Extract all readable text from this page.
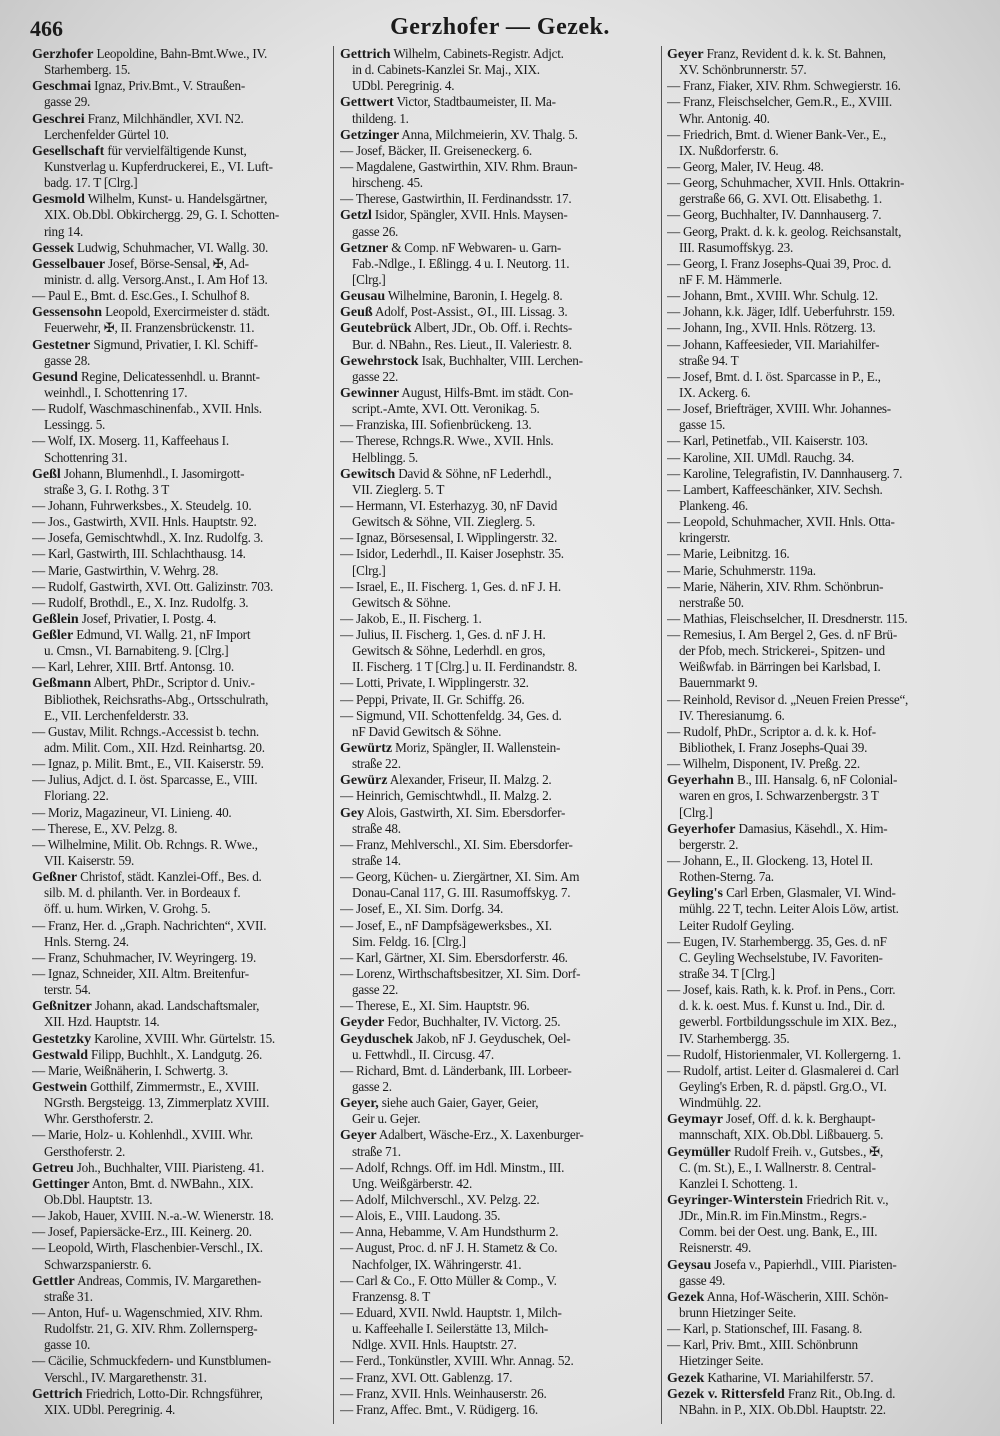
466	Gerzhofer — Gezek.
Gerzhofer Leopoldine, Bahn-Bmt.Wwe., IV.
Starhemberg. 15.
Geschmai Ignaz, Priv.Bmt., V. Straußen-
gasse 29.
Geschrei Franz, Milchhändler, XVI. N2.
Lerchenfelder Gürtel 10.
Gesellschaft für vervielfältigende Kunst,
Kunstverlag u. Kupferdruckerei, E., VI. Luft-
badg. 17. T [Clrg.]
Gesmold Wilhelm, Kunst- u. Handelsgärtner,
XIX. Ob.Dbl. Obkirchergg. 29, G. I. Schotten-
ring 14.
Gessek Ludwig, Schuhmacher, VI. Wallg. 30.
Gesselbauer Josef, Börse-Sensal, ✠, Ad-
ministr. d. allg. Versorg.Anst., I. Am Hof 13.
— Paul E., Bmt. d. Esc.Ges., I. Schulhof 8.
Gessensohn Leopold, Exercirmeister d. städt.
Feuerwehr, ✠, II. Franzensbrückenstr. 11.
Gestetner Sigmund, Privatier, I. Kl. Schiff-
gasse 28.
Gesund Regine, Delicatessenhdl. u. Brannt-
weinhdl., I. Schottenring 17.
— Rudolf, Waschmaschinenfab., XVII. Hnls.
Lessingg. 5.
— Wolf, IX. Moserg. 11, Kaffeehaus I.
Schottenring 31.
Geßl Johann, Blumenhdl., I. Jasomirgott-
straße 3, G. I. Rothg. 3 T
— Johann, Fuhrwerksbes., X. Steudelg. 10.
— Jos., Gastwirth, XVII. Hnls. Hauptstr. 92.
— Josefa, Gemischtwhdl., X. Inz. Rudolfg. 3.
— Karl, Gastwirth, III. Schlachthausg. 14.
— Marie, Gastwirthin, V. Wehrg. 28.
— Rudolf, Gastwirth, XVI. Ott. Galizinstr. 703.
— Rudolf, Brothdl., E., X. Inz. Rudolfg. 3.
Geßlein Josef, Privatier, I. Postg. 4.
Geßler Edmund, VI. Wallg. 21, nF Import
u. Cmsn., VI. Barnabiteng. 9. [Clrg.]
— Karl, Lehrer, XIII. Brtf. Antonsg. 10.
Geßmann Albert, PhDr., Scriptor d. Univ.-
Bibliothek, Reichsraths-Abg., Ortsschulrath,
E., VII. Lerchenfelderstr. 33.
— Gustav, Milit. Rchngs.-Accessist b. techn.
adm. Milit. Com., XII. Hzd. Reinhartsg. 20.
— Ignaz, p. Milit. Bmt., E., VII. Kaiserstr. 59.
— Julius, Adjct. d. I. öst. Sparcasse, E., VIII.
Floriang. 22.
— Moriz, Magazineur, VI. Linieng. 40.
— Therese, E., XV. Pelzg. 8.
— Wilhelmine, Milit. Ob. Rchngs. R. Wwe.,
VII. Kaiserstr. 59.
Geßner Christof, städt. Kanzlei-Off., Bes. d.
silb. M. d. philanth. Ver. in Bordeaux f.
öff. u. hum. Wirken, V. Grohg. 5.
— Franz, Her. d. „Graph. Nachrichten“, XVII.
Hnls. Sterng. 24.
— Franz, Schuhmacher, IV. Weyringerg. 19.
— Ignaz, Schneider, XII. Altm. Breitenfur-
terstr. 54.
Geßnitzer Johann, akad. Landschaftsmaler,
XII. Hzd. Hauptstr. 14.
Gestetzky Karoline, XVIII. Whr. Gürtelstr. 15.
Gestwald Filipp, Buchhlt., X. Landgutg. 26.
— Marie, Weißnäherin, I. Schwertg. 3.
Gestwein Gotthilf, Zimmermstr., E., XVIII.
NGrsth. Bergsteigg. 13, Zimmerplatz XVIII.
Whr. Gersthoferstr. 2.
— Marie, Holz- u. Kohlenhdl., XVIII. Whr.
Gersthoferstr. 2.
Getreu Joh., Buchhalter, VIII. Piaristeng. 41.
Gettinger Anton, Bmt. d. NWBahn., XIX.
Ob.Dbl. Hauptstr. 13.
— Jakob, Hauer, XVIII. N.-a.-W. Wienerstr. 18.
— Josef, Papiersäcke-Erz., III. Keinerg. 20.
— Leopold, Wirth, Flaschenbier-Verschl., IX.
Schwarzspanierstr. 6.
Gettler Andreas, Commis, IV. Margarethen-
straße 31.
— Anton, Huf- u. Wagenschmied, XIV. Rhm.
Rudolfstr. 21, G. XIV. Rhm. Zollernsperg-
gasse 10.
— Cäcilie, Schmuckfedern- und Kunstblumen-
Verschl., IV. Margarethenstr. 31.
Gettrich Friedrich, Lotto-Dir. Rchngsführer,
XIX. UDbl. Peregrinig. 4.
Gettrich Wilhelm, Cabinets-Registr. Adjct.
in d. Cabinets-Kanzlei Sr. Maj., XIX.
UDbl. Peregrinig. 4.
Gettwert Victor, Stadtbaumeister, II. Ma-
thildeng. 1.
Getzinger Anna, Milchmeierin, XV. Thalg. 5.
— Josef, Bäcker, II. Greiseneckerg. 6.
— Magdalene, Gastwirthin, XIV. Rhm. Braun-
hirscheng. 45.
— Therese, Gastwirthin, II. Ferdinandsstr. 17.
Getzl Isidor, Spängler, XVII. Hnls. Maysen-
gasse 26.
Getzner & Comp. nF Webwaren- u. Garn-
Fab.-Ndlge., I. Eßlingg. 4 u. I. Neutorg. 11.
[Clrg.]
Geusau Wilhelmine, Baronin, I. Hegelg. 8.
Geuß Adolf, Post-Assist., ⊙I., III. Lissag. 3.
Geutebrück Albert, JDr., Ob. Off. i. Rechts-
Bur. d. NBahn., Res. Lieut., II. Valeriestr. 8.
Gewehrstock Isak, Buchhalter, VIII. Lerchen-
gasse 22.
Gewinner August, Hilfs-Bmt. im städt. Con-
script.-Amte, XVI. Ott. Veronikag. 5.
— Franziska, III. Sofienbrückeng. 13.
— Therese, Rchngs.R. Wwe., XVII. Hnls.
Helblingg. 5.
Gewitsch David & Söhne, nF Lederhdl.,
VII. Zieglerg. 5. T
— Hermann, VI. Esterhazyg. 30, nF David
Gewitsch & Söhne, VII. Zieglerg. 5.
— Ignaz, Börsesensal, I. Wipplingerstr. 32.
— Isidor, Lederhdl., II. Kaiser Josephstr. 35.
[Clrg.]
— Israel, E., II. Fischerg. 1, Ges. d. nF J. H.
Gewitsch & Söhne.
— Jakob, E., II. Fischerg. 1.
— Julius, II. Fischerg. 1, Ges. d. nF J. H.
Gewitsch & Söhne, Lederhdl. en gros,
II. Fischerg. 1 T [Clrg.] u. II. Ferdinandstr. 8.
— Lotti, Private, I. Wipplingerstr. 32.
— Peppi, Private, II. Gr. Schiffg. 26.
— Sigmund, VII. Schottenfeldg. 34, Ges. d.
nF David Gewitsch & Söhne.
Gewürtz Moriz, Spängler, II. Wallenstein-
straße 22.
Gewürz Alexander, Friseur, II. Malzg. 2.
— Heinrich, Gemischtwhdl., II. Malzg. 2.
Gey Alois, Gastwirth, XI. Sim. Ebersdorfer-
straße 48.
— Franz, Mehlverschl., XI. Sim. Ebersdorfer-
straße 14.
— Georg, Küchen- u. Ziergärtner, XI. Sim. Am
Donau-Canal 117, G. III. Rasumoffskyg. 7.
— Josef, E., XI. Sim. Dorfg. 34.
— Josef, E., nF Dampfsägewerksbes., XI.
Sim. Feldg. 16. [Clrg.]
— Karl, Gärtner, XI. Sim. Ebersdorferstr. 46.
— Lorenz, Wirthschaftsbesitzer, XI. Sim. Dorf-
gasse 22.
— Therese, E., XI. Sim. Hauptstr. 96.
Geyder Fedor, Buchhalter, IV. Victorg. 25.
Geyduschek Jakob, nF J. Geyduschek, Oel-
u. Fettwhdl., II. Circusg. 47.
— Richard, Bmt. d. Länderbank, III. Lorbeer-
gasse 2.
Geyer, siehe auch Gaier, Gayer, Geier,
Geir u. Gejer.
Geyer Adalbert, Wäsche-Erz., X. Laxenburger-
straße 71.
— Adolf, Rchngs. Off. im Hdl. Minstm., III.
Ung. Weißgärberstr. 42.
— Adolf, Milchverschl., XV. Pelzg. 22.
— Alois, E., VIII. Laudong. 35.
— Anna, Hebamme, V. Am Hundsthurm 2.
— August, Proc. d. nF J. H. Stametz & Co.
Nachfolger, IX. Währingerstr. 41.
— Carl & Co., F. Otto Müller & Comp., V.
Franzensg. 8. T
— Eduard, XVII. Nwld. Hauptstr. 1, Milch-
u. Kaffeehalle I. Seilerstätte 13, Milch-
Ndlge. XVII. Hnls. Hauptstr. 27.
— Ferd., Tonkünstler, XVIII. Whr. Annag. 52.
— Franz, XVI. Ott. Gablenzg. 17.
— Franz, XVII. Hnls. Weinhauserstr. 26.
— Franz, Affec. Bmt., V. Rüdigerg. 16.
Geyer Franz, Revident d. k. k. St. Bahnen,
XV. Schönbrunnerstr. 57.
— Franz, Fiaker, XIV. Rhm. Schwegierstr. 16.
— Franz, Fleischselcher, Gem.R., E., XVIII.
Whr. Antonig. 40.
— Friedrich, Bmt. d. Wiener Bank-Ver., E.,
IX. Nußdorferstr. 6.
— Georg, Maler, IV. Heug. 48.
— Georg, Schuhmacher, XVII. Hnls. Ottakrin-
gerstraße 66, G. XVI. Ott. Elisabethg. 1.
— Georg, Buchhalter, IV. Dannhauserg. 7.
— Georg, Prakt. d. k. k. geolog. Reichsanstalt,
III. Rasumoffskyg. 23.
— Georg, I. Franz Josephs-Quai 39, Proc. d.
nF F. M. Hämmerle.
— Johann, Bmt., XVIII. Whr. Schulg. 12.
— Johann, k.k. Jäger, Idlf. Ueberfuhrstr. 159.
— Johann, Ing., XVII. Hnls. Rötzerg. 13.
— Johann, Kaffeesieder, VII. Mariahilfer-
straße 94. T
— Josef, Bmt. d. I. öst. Sparcasse in P., E.,
IX. Ackerg. 6.
— Josef, Briefträger, XVIII. Whr. Johannes-
gasse 15.
— Karl, Petinetfab., VII. Kaiserstr. 103.
— Karoline, XII. UMdl. Rauchg. 34.
— Karoline, Telegrafistin, IV. Dannhauserg. 7.
— Lambert, Kaffeeschänker, XIV. Sechsh.
Plankeng. 46.
— Leopold, Schuhmacher, XVII. Hnls. Otta-
kringerstr.
— Marie, Leibnitzg. 16.
— Marie, Schuhmerstr. 119a.
— Marie, Näherin, XIV. Rhm. Schönbrun-
nerstraße 50.
— Mathias, Fleischselcher, II. Dresdnerstr. 115.
— Remesius, I. Am Bergel 2, Ges. d. nF Brü-
der Pfob, mech. Strickerei-, Spitzen- und
Weißwfab. in Bärringen bei Karlsbad, I.
Bauernmarkt 9.
— Reinhold, Revisor d. „Neuen Freien Presse“,
IV. Theresianumg. 6.
— Rudolf, PhDr., Scriptor a. d. k. k. Hof-
Bibliothek, I. Franz Josephs-Quai 39.
— Wilhelm, Disponent, IV. Preßg. 22.
Geyerhahn B., III. Hansalg. 6, nF Colonial-
waren en gros, I. Schwarzenbergstr. 3 T
[Clrg.]
Geyerhofer Damasius, Käsehdl., X. Him-
bergerstr. 2.
— Johann, E., II. Glockeng. 13, Hotel II.
Rothen-Sterng. 7a.
Geyling's Carl Erben, Glasmaler, VI. Wind-
mühlg. 22 T, techn. Leiter Alois Löw, artist.
Leiter Rudolf Geyling.
— Eugen, IV. Starhembergg. 35, Ges. d. nF
C. Geyling Wechselstube, IV. Favoriten-
straße 34. T [Clrg.]
— Josef, kais. Rath, k. k. Prof. in Pens., Corr.
d. k. k. oest. Mus. f. Kunst u. Ind., Dir. d.
gewerbl. Fortbildungsschule im XIX. Bez.,
IV. Starhembergg. 35.
— Rudolf, Historienmaler, VI. Kollergerng. 1.
— Rudolf, artist. Leiter d. Glasmalerei d. Carl
Geyling's Erben, R. d. päpstl. Grg.O., VI.
Windmühlg. 22.
Geymayr Josef, Off. d. k. k. Berghaupt-
mannschaft, XIX. Ob.Dbl. Lißbauerg. 5.
Geymüller Rudolf Freih. v., Gutsbes., ✠,
C. (m. St.), E., I. Wallnerstr. 8. Central-
Kanzlei I. Schotteng. 1.
Geyringer-Winterstein Friedrich Rit. v.,
JDr., Min.R. im Fin.Minstm., Regrs.-
Comm. bei der Oest. ung. Bank, E., III.
Reisnerstr. 49.
Geysau Josefa v., Papierhdl., VIII. Piaristen-
gasse 49.
Gezek Anna, Hof-Wäscherin, XIII. Schön-
brunn Hietzinger Seite.
— Karl, p. Stationschef, III. Fasang. 8.
— Karl, Priv. Bmt., XIII. Schönbrunn
Hietzinger Seite.
Gezek Katharine, VI. Mariahilferstr. 57.
Gezek v. Rittersfeld Franz Rit., Ob.Ing. d.
NBahn. in P., XIX. Ob.Dbl. Hauptstr. 22.
